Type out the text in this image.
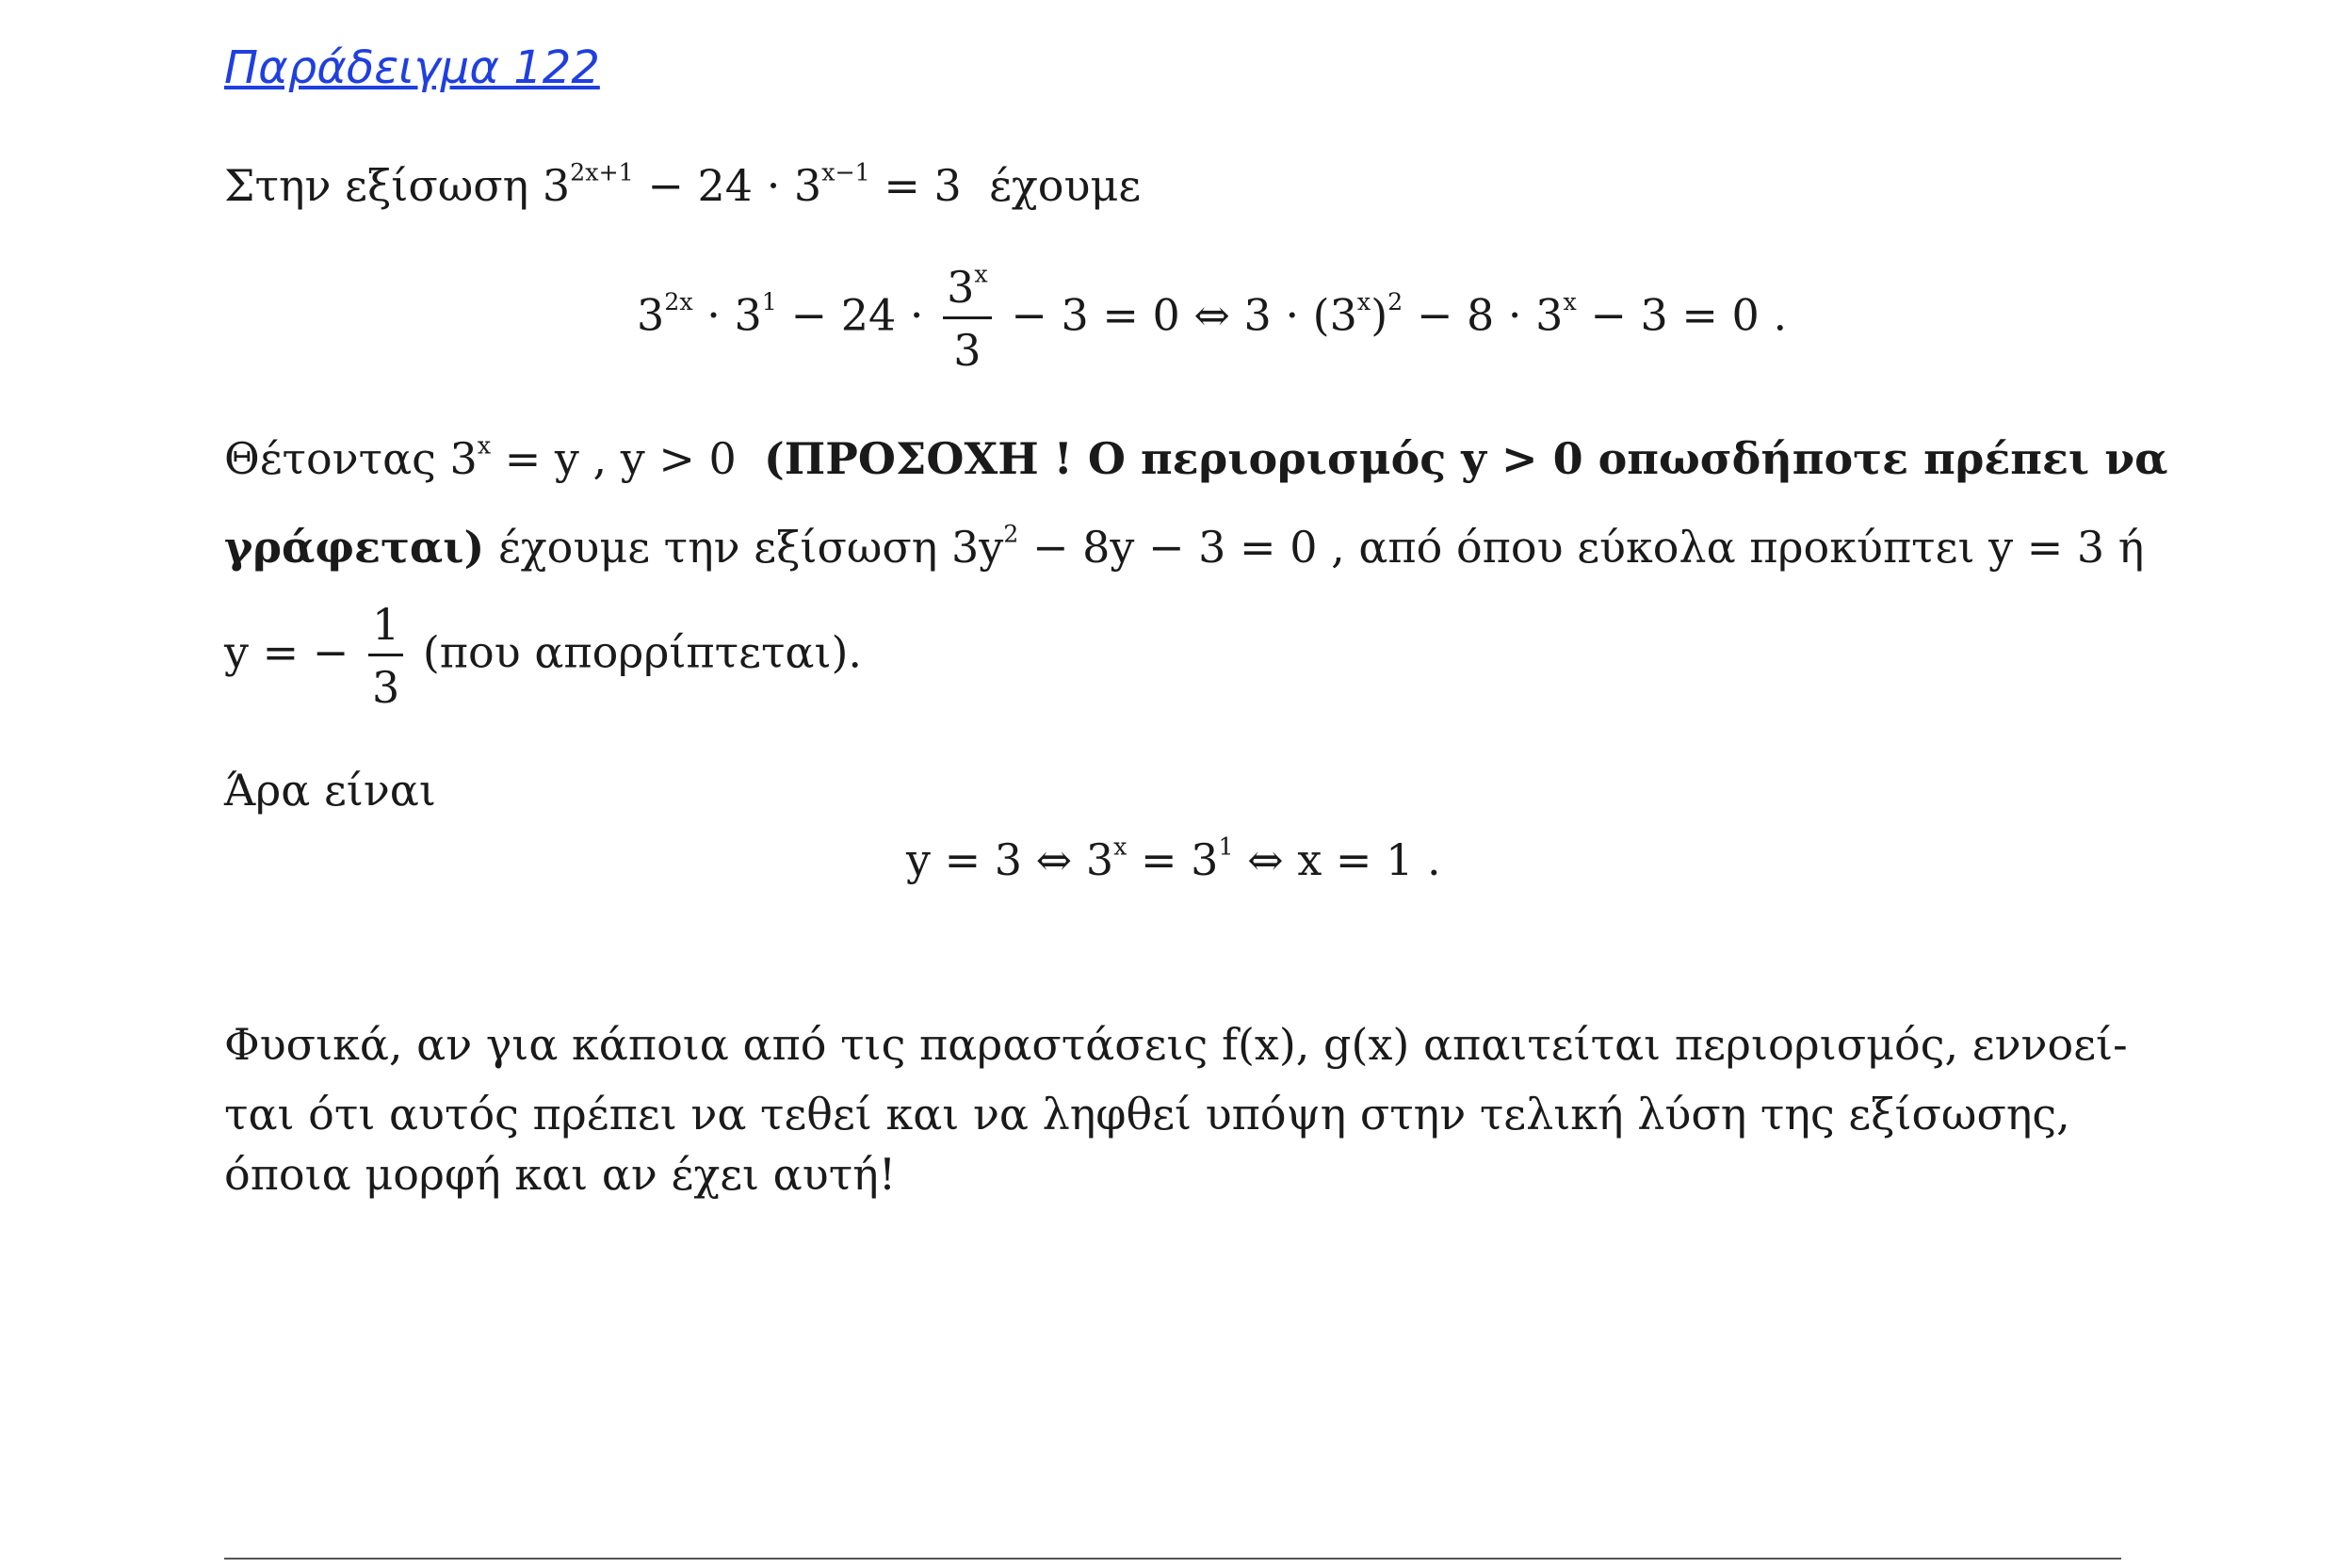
Παράδειγμα 122
Στην εξίσωση $3^{2x+1} - 24 \cdot 3^{x-1} = 3$  έχουμε
$3^{2x} \cdot 3^1 - 24 \cdot \frac{3^x}{3} - 3 = 0$ ⇔ $3 \cdot (3^x)^2 - 8 \cdot 3^x - 3 = 0$ .
Θέτοντας $3^x = y$ , y > 0  (ΠΡΟΣΟΧΗ ! Ο περιορισμός y > 0 οπωσδήποτε πρέπει να
γράφεται) έχουμε την εξίσωση $3y^2 - 8y - 3 = 0$ , από όπου εύκολα προκύπτει y = 3 ή
y = − $\frac{1}{3} (\pi o\upsilon$ απορρίπτεται).
Άρα είναι
y = 3 ⇔ $3^x = 3^1$ ⇔ x = 1 .
Φυσικά, αν για κάποια από τις παραστάσεις f(x), g(x) απαιτείται περιορισμός, εννοεί-
ται ότι αυτός πρέπει να τεθεί και να ληφθεί υπόψη στην τελική λύση της εξίσωσης,
όποια μορφή και αν έχει αυτή!
